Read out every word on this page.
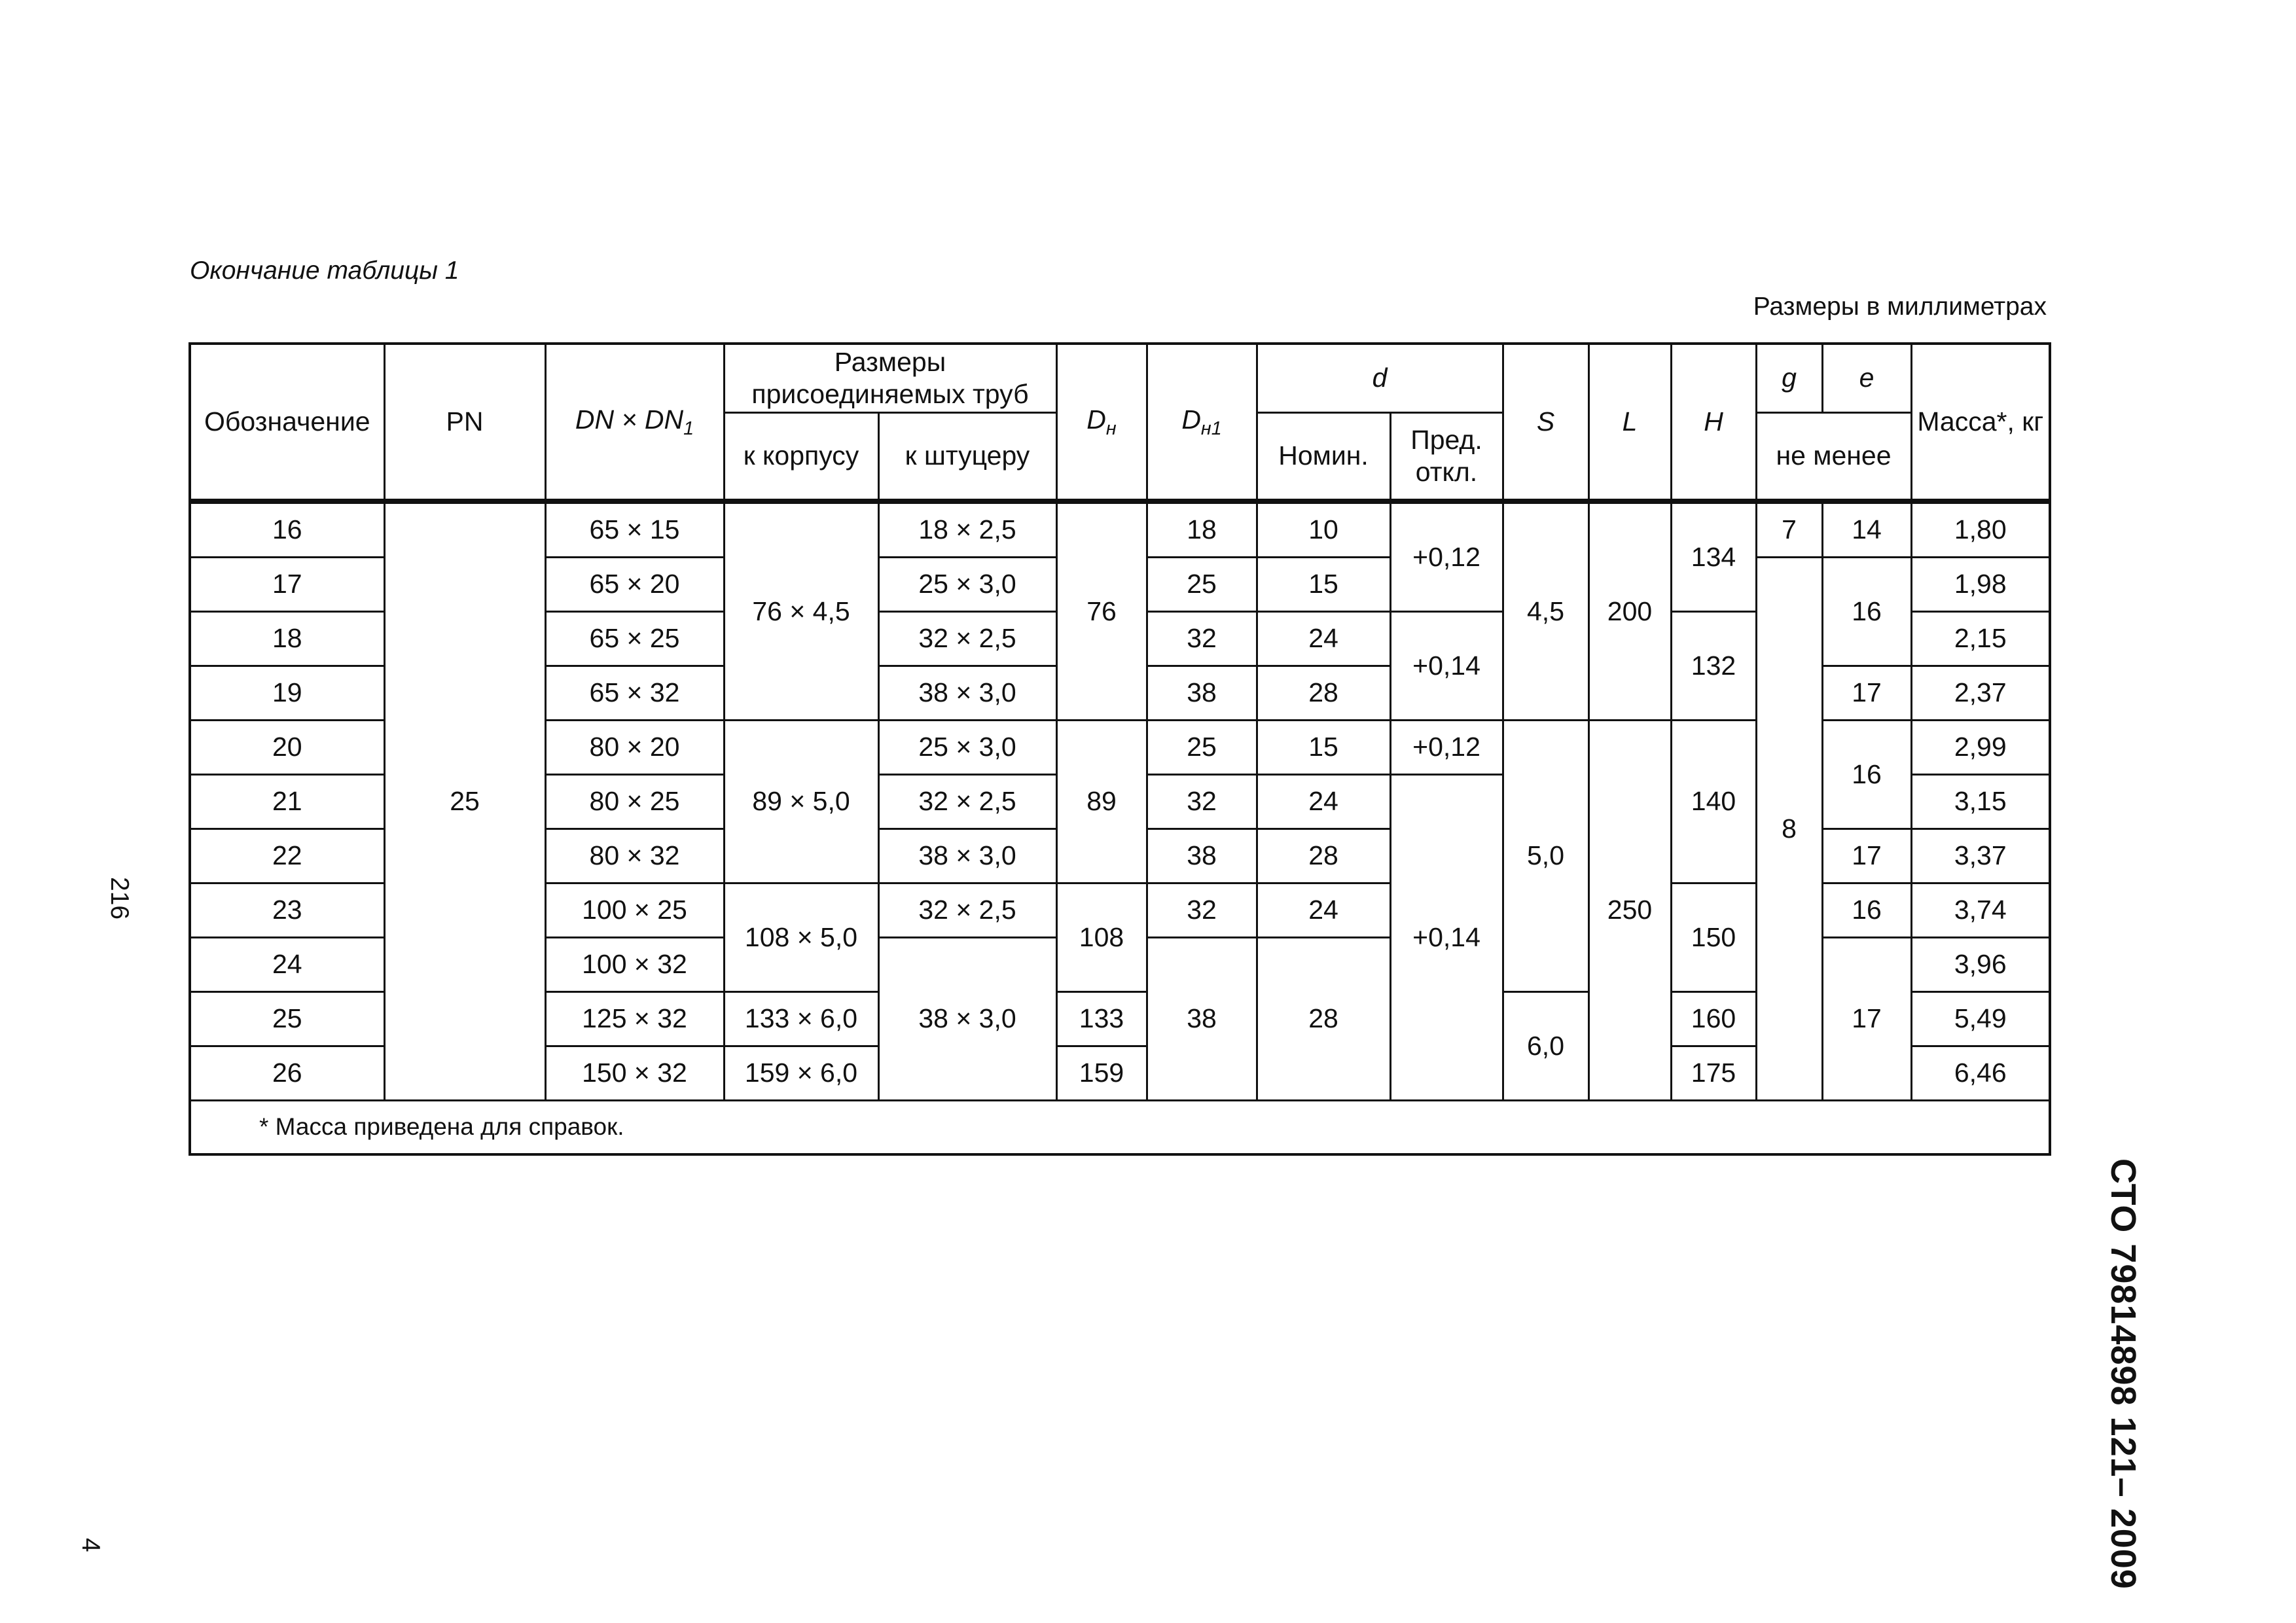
Окончание таблицы 1
Размеры в миллиметрах
Обозначение	PN	DN × $DN_1$	Размеры присоединяемых труб		$D_н$	$D_{н1}$	d		S	L	H	g	e	Масса*, кг
			к корпусу	к штуцеру			Номин.	Пред. откл.				не менее		
16	25	65 × 15	76 × 4,5	18 × 2,5	76	18	10	+0,12	4,5	200	134	7	14	1,80
17		65 × 20		25 × 3,0		25	15					8	16	1,98
18		65 × 25		32 × 2,5		32	24	+0,14			132			2,15
19		65 × 32		38 × 3,0		38	28						17	2,37
20		80 × 20	89 × 5,0	25 × 3,0	89	25	15	+0,12	5,0	250	140		16	2,99
21		80 × 25		32 × 2,5		32	24	+0,14						3,15
22		80 × 32		38 × 3,0		38	28						17	3,37
23		100 × 25	108 × 5,0	32 × 2,5	108	32	24				150		16	3,74
24		100 × 32		38 × 3,0		38	28						17	3,96
25		125 × 32	133 × 6,0		133				6,0		160			5,49
26		150 × 32	159 × 6,0		159						175			6,46
* Масса приведена для справок.														
216
4	СТО 79814898 121– 2009
